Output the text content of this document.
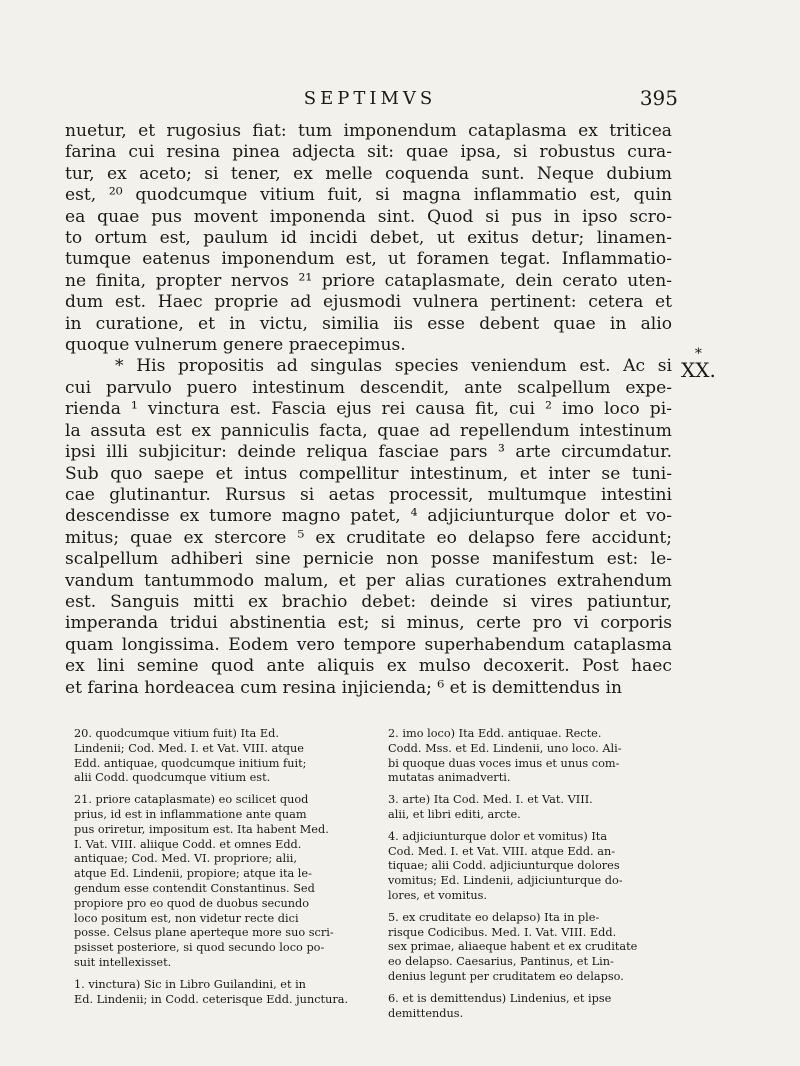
SEPTIMVS	395
nuetur, et rugosius fiat: tum imponendum cataplasma ex triticea
farina cui resina pinea adjecta sit: quae ipsa, si robustus cura-
tur, ex aceto; si tener, ex melle coquenda sunt. Neque dubium
est, ²⁰ quodcumque vitium fuit, si magna inflammatio est, quin
ea quae pus movent imponenda sint. Quod si pus in ipso scro-
to ortum est, paulum id incidi debet, ut exitus detur; linamen-
tumque eatenus imponendum est, ut foramen tegat. Inflammatio-
ne finita, propter nervos ²¹ priore cataplasmate, dein cerato uten-
dum est. Haec proprie ad ejusmodi vulnera pertinent: cetera et
in curatione, et in victu, similia iis esse debent quae in alio
quoque vulnerum genere praecepimus.
* His propositis ad singulas species veniendum est. Ac si
cui parvulo puero intestinum descendit, ante scalpellum expe-
rienda ¹ vinctura est. Fascia ejus rei causa fit, cui ² imo loco pi-
la assuta est ex panniculis facta, quae ad repellendum intestinum
ipsi illi subjicitur: deinde reliqua fasciae pars ³ arte circumdatur.
Sub quo saepe et intus compellitur intestinum, et inter se tuni-
cae glutinantur. Rursus si aetas processit, multumque intestini
descendisse ex tumore magno patet, ⁴ adjiciunturque dolor et vo-
mitus; quae ex stercore ⁵ ex cruditate eo delapso fere accidunt;
scalpellum adhiberi sine pernicie non posse manifestum est: le-
vandum tantummodo malum, et per alias curationes extrahendum
est. Sanguis mitti ex brachio debet: deinde si vires patiuntur,
imperanda tridui abstinentia est; si minus, certe pro vi corporis
quam longissima. Eodem vero tempore superhabendum cataplasma
ex lini semine quod ante aliquis ex mulso decoxerit. Post haec
et farina hordeacea cum resina injicienda; ⁶ et is demittendus in
*
XX.
20. quodcumque vitium fuit) Ita Ed.
Lindenii; Cod. Med. I. et Vat. VIII. atque
Edd. antiquae, quodcumque initium fuit;
alii Codd. quodcumque vitium est.
21. priore cataplasmate) eo scilicet quod
prius, id est in inflammatione ante quam
pus oriretur, impositum est. Ita habent Med.
I. Vat. VIII. aliique Codd. et omnes Edd.
antiquae; Cod. Med. VI. propriore; alii,
atque Ed. Lindenii, propiore; atque ita le-
gendum esse contendit Constantinus. Sed
propiore pro eo quod de duobus secundo
loco positum est, non videtur recte dici
posse. Celsus plane aperteque more suo scri-
psisset posteriore, si quod secundo loco po-
suit intellexisset.
1. vinctura) Sic in Libro Guilandini, et in
Ed. Lindenii; in Codd. ceterisque Edd. junctura.
2. imo loco) Ita Edd. antiquae. Recte.
Codd. Mss. et Ed. Lindenii, uno loco. Ali-
bi quoque duas voces imus et unus com-
mutatas animadverti.
3. arte) Ita Cod. Med. I. et Vat. VIII.
alii, et libri editi, arcte.
4. adjiciunturque dolor et vomitus) Ita
Cod. Med. I. et Vat. VIII. atque Edd. an-
tiquae; alii Codd. adjiciunturque dolores
vomitus; Ed. Lindenii, adjiciunturque do-
lores, et vomitus.
5. ex cruditate eo delapso) Ita in ple-
risque Codicibus. Med. I. Vat. VIII. Edd.
sex primae, aliaeque habent et ex cruditate
eo delapso. Caesarius, Pantinus, et Lin-
denius legunt per cruditatem eo delapso.
6. et is demittendus) Lindenius, et ipse
demittendus.
